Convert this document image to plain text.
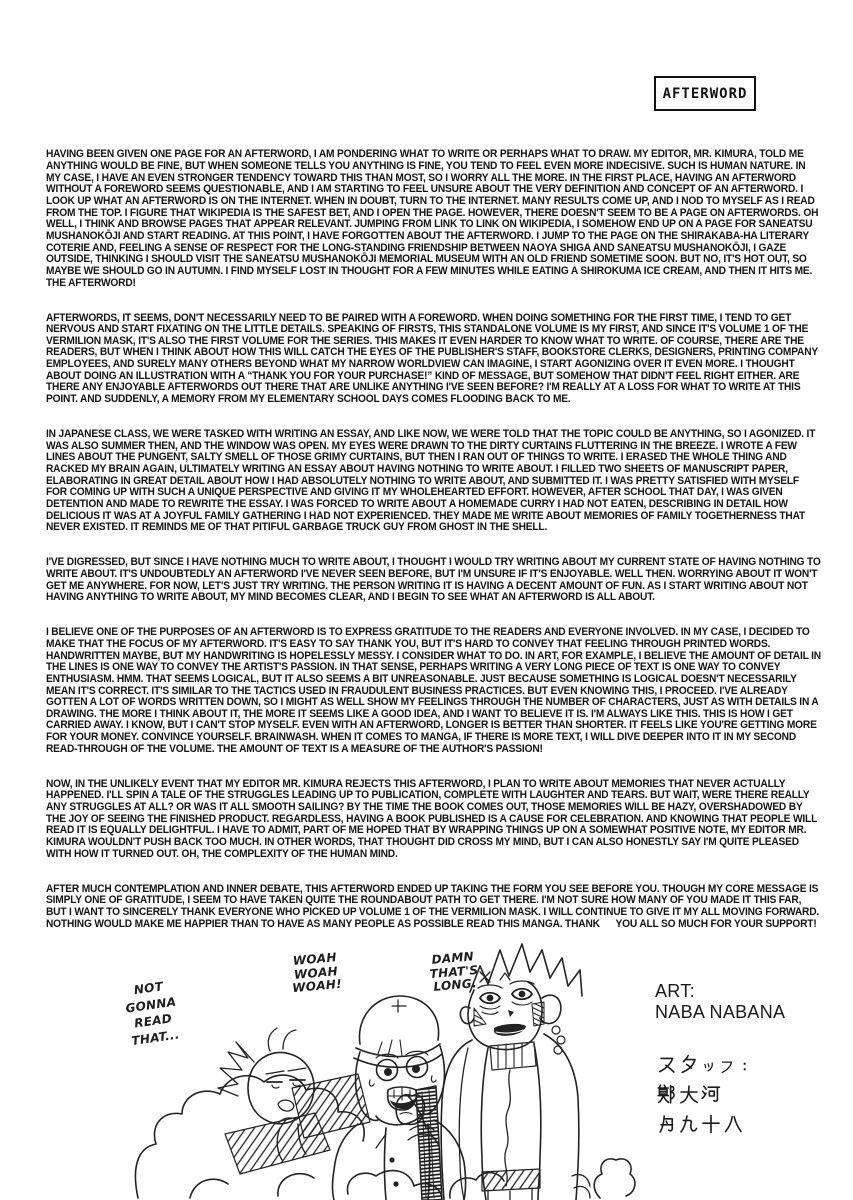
AFTERWORD

HAVING BEEN GIVEN ONE PAGE FOR AN AFTERWORD, I AM PONDERING WHAT TO WRITE OR PERHAPS WHAT TO DRAW. MY EDITOR, MR. KIMURA, TOLD ME ANYTHING WOULD BE FINE, BUT WHEN SOMEONE TELLS YOU ANYTHING IS FINE, YOU TEND TO FEEL EVEN MORE INDECISIVE. SUCH IS HUMAN NATURE. IN MY CASE, I HAVE AN EVEN STRONGER TENDENCY TOWARD THIS THAN MOST, SO I WORRY ALL THE MORE. IN THE FIRST PLACE, HAVING AN AFTERWORD WITHOUT A FOREWORD SEEMS QUESTIONABLE, AND I AM STARTING TO FEEL UNSURE ABOUT THE VERY DEFINITION AND CONCEPT OF AN AFTERWORD. I LOOK UP WHAT AN AFTERWORD IS ON THE INTERNET. WHEN IN DOUBT, TURN TO THE INTERNET. MANY RESULTS COME UP, AND I NOD TO MYSELF AS I READ FROM THE TOP. I FIGURE THAT WIKIPEDIA IS THE SAFEST BET, AND I OPEN THE PAGE. HOWEVER, THERE DOESN'T SEEM TO BE A PAGE ON AFTERWORDS. OH WELL, I THINK AND BROWSE PAGES THAT APPEAR RELEVANT. JUMPING FROM LINK TO LINK ON WIKIPEDIA, I SOMEHOW END UP ON A PAGE FOR SANEATSU MUSHANOKŌJI AND START READING. AT THIS POINT, I HAVE FORGOTTEN ABOUT THE AFTERWORD. I JUMP TO THE PAGE ON THE SHIRAKABA-HA LITERARY COTERIE AND, FEELING A SENSE OF RESPECT FOR THE LONG-STANDING FRIENDSHIP BETWEEN NAOYA SHIGA AND SANEATSU MUSHANOKŌJI, I GAZE OUTSIDE, THINKING I SHOULD VISIT THE SANEATSU MUSHANOKŌJI MEMORIAL MUSEUM WITH AN OLD FRIEND SOMETIME SOON. BUT NO, IT'S HOT OUT, SO MAYBE WE SHOULD GO IN AUTUMN. I FIND MYSELF LOST IN THOUGHT FOR A FEW MINUTES WHILE EATING A SHIROKUMA ICE CREAM, AND THEN IT HITS ME. THE AFTERWORD!

AFTERWORDS, IT SEEMS, DON'T NECESSARILY NEED TO BE PAIRED WITH A FOREWORD. WHEN DOING SOMETHING FOR THE FIRST TIME, I TEND TO GET NERVOUS AND START FIXATING ON THE LITTLE DETAILS. SPEAKING OF FIRSTS, THIS STANDALONE VOLUME IS MY FIRST, AND SINCE IT'S VOLUME 1 OF THE VERMILION MASK, IT'S ALSO THE FIRST VOLUME FOR THE SERIES. THIS MAKES IT EVEN HARDER TO KNOW WHAT TO WRITE. OF COURSE, THERE ARE THE READERS, BUT WHEN I THINK ABOUT HOW THIS WILL CATCH THE EYES OF THE PUBLISHER'S STAFF, BOOKSTORE CLERKS, DESIGNERS, PRINTING COMPANY EMPLOYEES, AND SURELY MANY OTHERS BEYOND WHAT MY NARROW WORLDVIEW CAN IMAGINE, I START AGONIZING OVER IT EVEN MORE. I THOUGHT ABOUT DOING AN ILLUSTRATION WITH A “THANK YOU FOR YOUR PURCHASE!” KIND OF MESSAGE, BUT SOMEHOW THAT DIDN'T FEEL RIGHT EITHER. ARE THERE ANY ENJOYABLE AFTERWORDS OUT THERE THAT ARE UNLIKE ANYTHING I'VE SEEN BEFORE? I'M REALLY AT A LOSS FOR WHAT TO WRITE AT THIS POINT. AND SUDDENLY, A MEMORY FROM MY ELEMENTARY SCHOOL DAYS COMES FLOODING BACK TO ME.

IN JAPANESE CLASS, WE WERE TASKED WITH WRITING AN ESSAY, AND LIKE NOW, WE WERE TOLD THAT THE TOPIC COULD BE ANYTHING, SO I AGONIZED. IT WAS ALSO SUMMER THEN, AND THE WINDOW WAS OPEN. MY EYES WERE DRAWN TO THE DIRTY CURTAINS FLUTTERING IN THE BREEZE. I WROTE A FEW LINES ABOUT THE PUNGENT, SALTY SMELL OF THOSE GRIMY CURTAINS, BUT THEN I RAN OUT OF THINGS TO WRITE. I ERASED THE WHOLE THING AND RACKED MY BRAIN AGAIN, ULTIMATELY WRITING AN ESSAY ABOUT HAVING NOTHING TO WRITE ABOUT. I FILLED TWO SHEETS OF MANUSCRIPT PAPER, ELABORATING IN GREAT DETAIL ABOUT HOW I HAD ABSOLUTELY NOTHING TO WRITE ABOUT, AND SUBMITTED IT. I WAS PRETTY SATISFIED WITH MYSELF FOR COMING UP WITH SUCH A UNIQUE PERSPECTIVE AND GIVING IT MY WHOLEHEARTED EFFORT. HOWEVER, AFTER SCHOOL THAT DAY, I WAS GIVEN DETENTION AND MADE TO REWRITE THE ESSAY. I WAS FORCED TO WRITE ABOUT A HOMEMADE CURRY I HAD NOT EATEN, DESCRIBING IN DETAIL HOW DELICIOUS IT WAS AT A JOYFUL FAMILY GATHERING I HAD NOT EXPERIENCED. THEY MADE ME WRITE ABOUT MEMORIES OF FAMILY TOGETHERNESS THAT NEVER EXISTED. IT REMINDS ME OF THAT PITIFUL GARBAGE TRUCK GUY FROM GHOST IN THE SHELL.

I'VE DIGRESSED, BUT SINCE I HAVE NOTHING MUCH TO WRITE ABOUT, I THOUGHT I WOULD TRY WRITING ABOUT MY CURRENT STATE OF HAVING NOTHING TO WRITE ABOUT. IT'S UNDOUBTEDLY AN AFTERWORD I'VE NEVER SEEN BEFORE, BUT I'M UNSURE IF IT'S ENJOYABLE. WELL THEN. WORRYING ABOUT IT WON'T GET ME ANYWHERE. FOR NOW, LET'S JUST TRY WRITING. THE PERSON WRITING IT IS HAVING A DECENT AMOUNT OF FUN. AS I START WRITING ABOUT NOT HAVING ANYTHING TO WRITE ABOUT, MY MIND BECOMES CLEAR, AND I BEGIN TO SEE WHAT AN AFTERWORD IS ALL ABOUT.

I BELIEVE ONE OF THE PURPOSES OF AN AFTERWORD IS TO EXPRESS GRATITUDE TO THE READERS AND EVERYONE INVOLVED. IN MY CASE, I DECIDED TO MAKE THAT THE FOCUS OF MY AFTERWORD. IT'S EASY TO SAY THANK YOU, BUT IT'S HARD TO CONVEY THAT FEELING THROUGH PRINTED WORDS. HANDWRITTEN MAYBE, BUT MY HANDWRITING IS HOPELESSLY MESSY. I CONSIDER WHAT TO DO. IN ART, FOR EXAMPLE, I BELIEVE THE AMOUNT OF DETAIL IN THE LINES IS ONE WAY TO CONVEY THE ARTIST'S PASSION. IN THAT SENSE, PERHAPS WRITING A VERY LONG PIECE OF TEXT IS ONE WAY TO CONVEY ENTHUSIASM. HMM. THAT SEEMS LOGICAL, BUT IT ALSO SEEMS A BIT UNREASONABLE. JUST BECAUSE SOMETHING IS LOGICAL DOESN'T NECESSARILY MEAN IT'S CORRECT. IT'S SIMILAR TO THE TACTICS USED IN FRAUDULENT BUSINESS PRACTICES. BUT EVEN KNOWING THIS, I PROCEED. I'VE ALREADY GOTTEN A LOT OF WORDS WRITTEN DOWN, SO I MIGHT AS WELL SHOW MY FEELINGS THROUGH THE NUMBER OF CHARACTERS, JUST AS WITH DETAILS IN A DRAWING. THE MORE I THINK ABOUT IT, THE MORE IT SEEMS LIKE A GOOD IDEA, AND I WANT TO BELIEVE IT IS. I'M ALWAYS LIKE THIS. THIS IS HOW I GET CARRIED AWAY. I KNOW, BUT I CAN'T STOP MYSELF. EVEN WITH AN AFTERWORD, LONGER IS BETTER THAN SHORTER. IT FEELS LIKE YOU'RE GETTING MORE FOR YOUR MONEY. CONVINCE YOURSELF. BRAINWASH. WHEN IT COMES TO MANGA, IF THERE IS MORE TEXT, I WILL DIVE DEEPER INTO IT IN MY SECOND READ-THROUGH OF THE VOLUME. THE AMOUNT OF TEXT IS A MEASURE OF THE AUTHOR'S PASSION!

NOW, IN THE UNLIKELY EVENT THAT MY EDITOR MR. KIMURA REJECTS THIS AFTERWORD, I PLAN TO WRITE ABOUT MEMORIES THAT NEVER ACTUALLY HAPPENED. I'LL SPIN A TALE OF THE STRUGGLES LEADING UP TO PUBLICATION, COMPLETE WITH LAUGHTER AND TEARS. BUT WAIT, WERE THERE REALLY ANY STRUGGLES AT ALL? OR WAS IT ALL SMOOTH SAILING? BY THE TIME THE BOOK COMES OUT, THOSE MEMORIES WILL BE HAZY, OVERSHADOWED BY THE JOY OF SEEING THE FINISHED PRODUCT. REGARDLESS, HAVING A BOOK PUBLISHED IS A CAUSE FOR CELEBRATION. AND KNOWING THAT PEOPLE WILL READ IT IS EQUALLY DELIGHTFUL. I HAVE TO ADMIT, PART OF ME HOPED THAT BY WRAPPING THINGS UP ON A SOMEWHAT POSITIVE NOTE, MY EDITOR MR. KIMURA WOULDN'T PUSH BACK TOO MUCH. IN OTHER WORDS, THAT THOUGHT DID CROSS MY MIND, BUT I CAN ALSO HONESTLY SAY I'M QUITE PLEASED WITH HOW IT TURNED OUT. OH, THE COMPLEXITY OF THE HUMAN MIND.

AFTER MUCH CONTEMPLATION AND INNER DEBATE, THIS AFTERWORD ENDED UP TAKING THE FORM YOU SEE BEFORE YOU. THOUGH MY CORE MESSAGE IS SIMPLY ONE OF GRATITUDE, I SEEM TO HAVE TAKEN QUITE THE ROUNDABOUT PATH TO GET THERE. I'M NOT SURE HOW MANY OF YOU MADE IT THIS FAR, BUT I WANT TO SINCERELY THANK EVERYONE WHO PICKED UP VOLUME 1 OF THE VERMILION MASK. I WILL CONTINUE TO GIVE IT MY ALL MOVING FORWARD. NOTHING WOULD MAKE ME HAPPIER THAN TO HAVE AS MANY PEOPLE AS POSSIBLE READ THIS MANGA. THANK      YOU ALL SO MUCH FOR YOUR SUPPORT!

NOT
GONNA
READ
THAT...
WOAH
WOAH
WOAH!
DAMN
THAT'S
LONG.	ART:
NABA NABANA
